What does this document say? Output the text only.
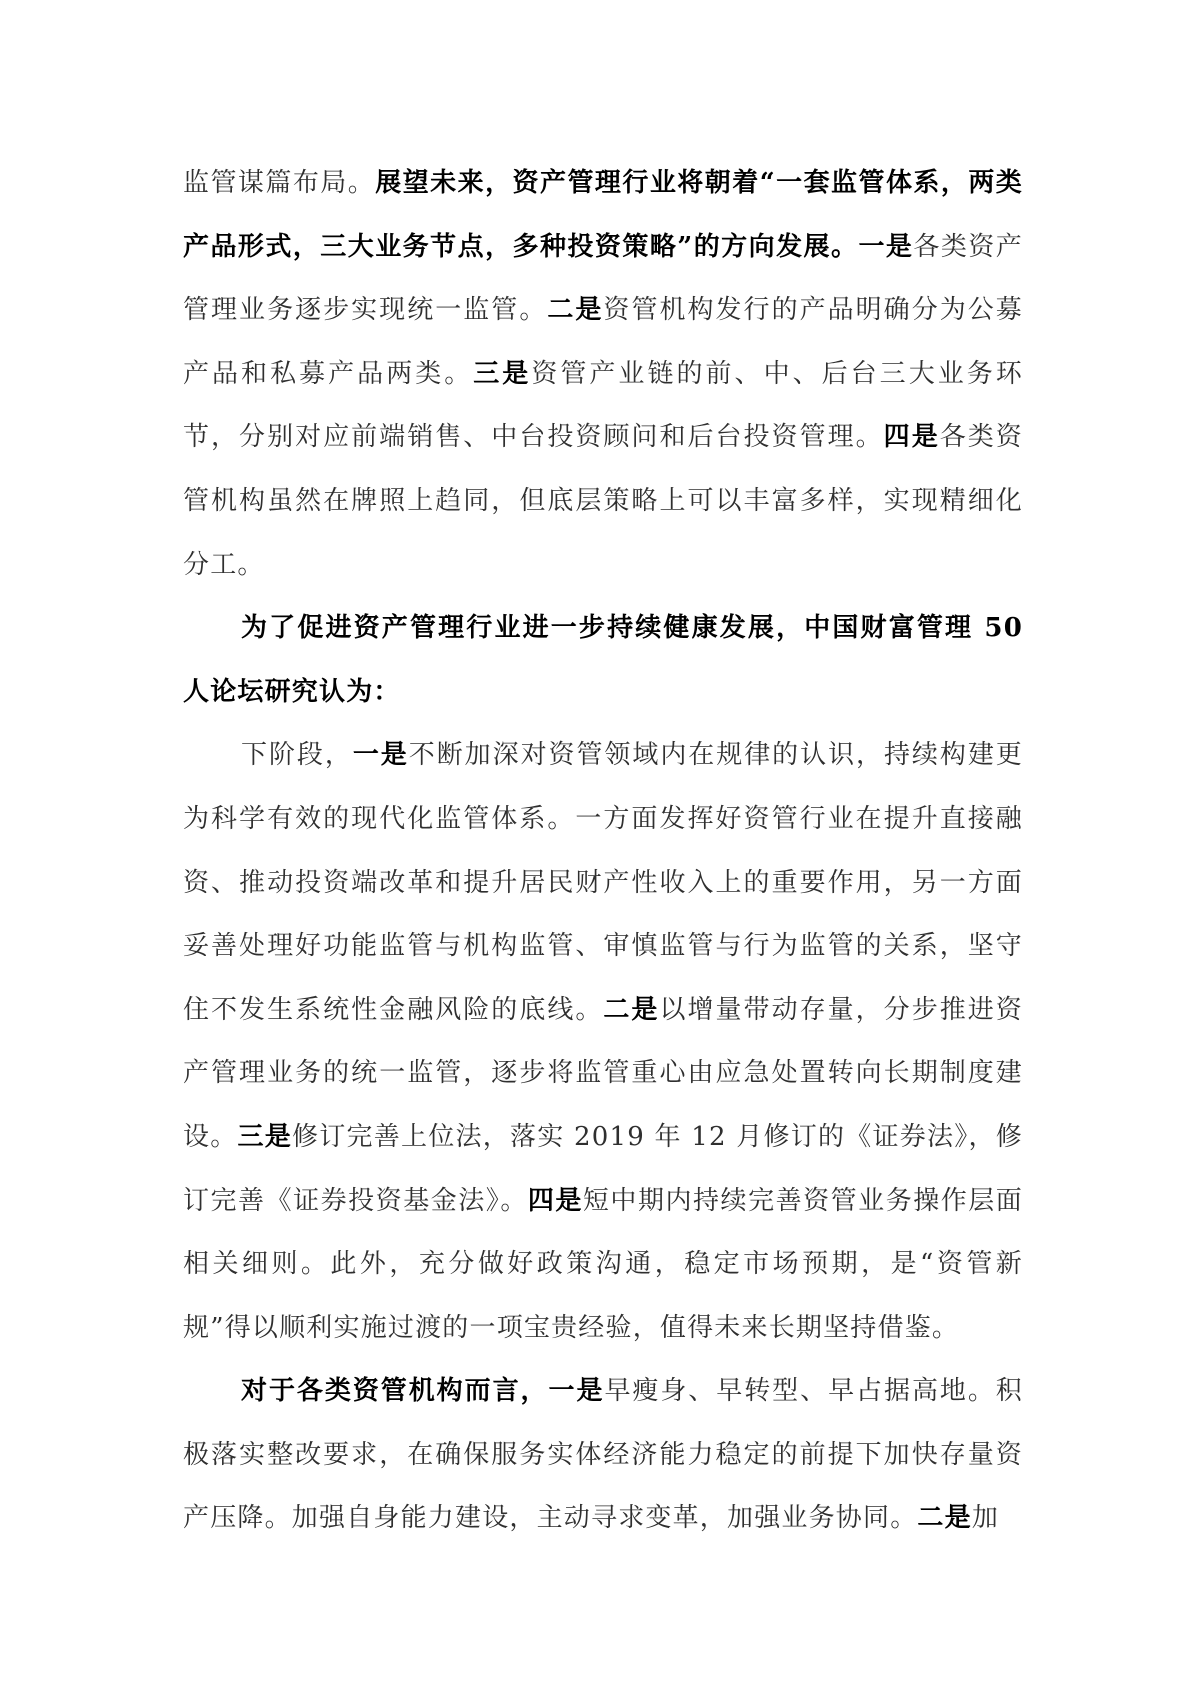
监管谋篇布局。展望未来，资产管理行业将朝着“一套监管体系，两类产品形式，三大业务节点，多种投资策略”的方向发展。一是各类资产管理业务逐步实现统一监管。二是资管机构发行的产品明确分为公募产品和私募产品两类。三是资管产业链的前、中、后台三大业务环节，分别对应前端销售、中台投资顾问和后台投资管理。四是各类资管机构虽然在牌照上趋同，但底层策略上可以丰富多样，实现精细化分工。

为了促进资产管理行业进一步持续健康发展，中国财富管理 50 人论坛研究认为：

下阶段，一是不断加深对资管领域内在规律的认识，持续构建更为科学有效的现代化监管体系。一方面发挥好资管行业在提升直接融资、推动投资端改革和提升居民财产性收入上的重要作用，另一方面妥善处理好功能监管与机构监管、审慎监管与行为监管的关系，坚守住不发生系统性金融风险的底线。二是以增量带动存量，分步推进资产管理业务的统一监管，逐步将监管重心由应急处置转向长期制度建设。三是修订完善上位法，落实 2019 年 12 月修订的《证券法》，修订完善《证券投资基金法》。四是短中期内持续完善资管业务操作层面相关细则。此外，充分做好政策沟通，稳定市场预期，是“资管新规”得以顺利实施过渡的一项宝贵经验，值得未来长期坚持借鉴。

对于各类资管机构而言，一是早瘦身、早转型、早占据高地。积极落实整改要求，在确保服务实体经济能力稳定的前提下加快存量资产压降。加强自身能力建设，主动寻求变革，加强业务协同。二是加
